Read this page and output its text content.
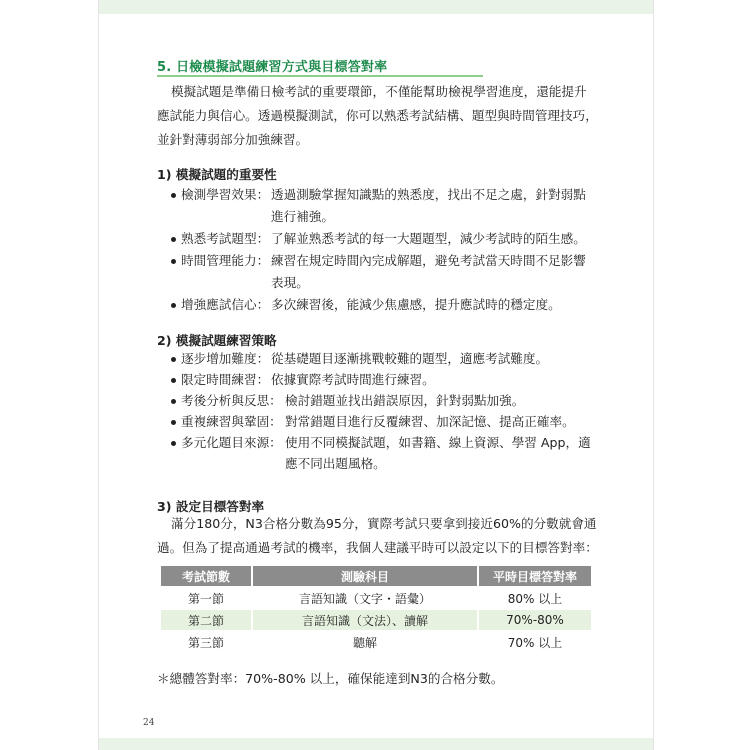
5. 日檢模擬試題練習方式與目標答對率
模擬試題是準備日檢考試的重要環節，不僅能幫助檢視學習進度，還能提升
應試能力與信心。透過模擬測試，你可以熟悉考試結構、題型與時間管理技巧，
並針對薄弱部分加強練習。
1) 模擬試題的重要性
檢測學習效果： 透過測驗掌握知識點的熟悉度，找出不足之處，針對弱點
進行補強。
熟悉考試題型： 了解並熟悉考試的每一大題題型，減少考試時的陌生感。
時間管理能力： 練習在規定時間內完成解題，避免考試當天時間不足影響
表現。
增強應試信心： 多次練習後，能減少焦慮感，提升應試時的穩定度。
2) 模擬試題練習策略
逐步增加難度： 從基礎題目逐漸挑戰較難的題型，適應考試難度。
限定時間練習： 依據實際考試時間進行練習。
考後分析與反思： 檢討錯題並找出錯誤原因，針對弱點加強。
重複練習與鞏固： 對常錯題目進行反覆練習、加深記憶、提高正確率。
多元化題目來源： 使用不同模擬試題，如書籍、線上資源、學習 App，適
應不同出題風格。
3) 設定目標答對率
滿分180分，N3合格分數為95分，實際考試只要拿到接近60%的分數就會通
過。但為了提高通過考試的機率，我個人建議平時可以設定以下的目標答對率：
考試節數	測驗科目	平時目標答對率
第一節	言語知識（文字・語彙）	80% 以上
第二節	言語知識（文法）、讀解	70%-80%
第三節	聽解	70% 以上
＊總體答對率：70%-80% 以上，確保能達到N3的合格分數。
24
